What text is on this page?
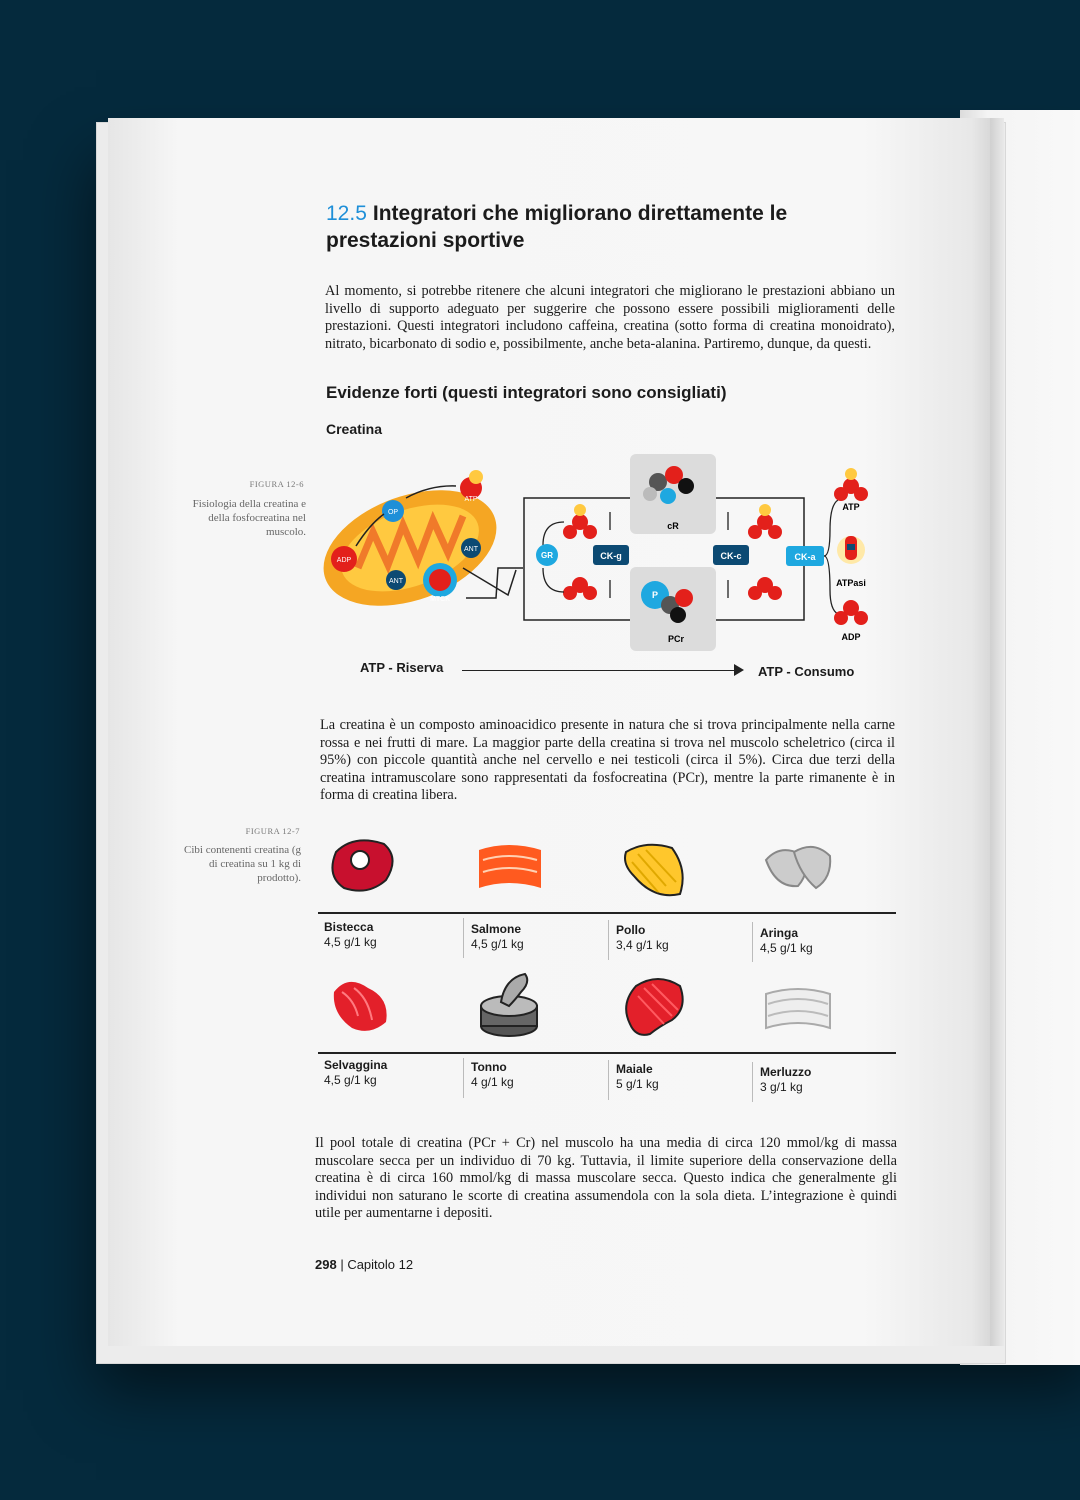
12.5 Integratori che migliorano direttamente le prestazioni sportive
Al momento, si potrebbe ritenere che alcuni integratori che migliorano le prestazioni abbiano un livello di supporto adeguato per suggerire che possono essere possibili miglioramenti delle prestazioni. Questi integratori includono caffeina, creatina (sotto forma di creatina monoidrato), nitrato, bicarbonato di sodio e, possibilmente, anche beta-alanina. Partiremo, dunque, da questi.
Evidenze forti (questi integratori sono consigliati)
Creatina
FIGURA 12-6
Fisiologia della creatina e della fosfocreatina nel muscolo.
OP
ATP
ADP
ANT
ANT
MTCK
cR
P
PCr
GR	CK-g	CK-c	CK-a
ATP
ATPasi
ADP
ATP - Riserva	ATP - Consumo
La creatina è un composto aminoacidico presente in natura che si trova principalmente nella carne rossa e nei frutti di mare. La maggior parte della creatina si trova nel muscolo scheletrico (circa il 95%) con piccole quantità anche nel cervello e nei testicoli (circa il 5%). Circa due terzi della creatina intramuscolare sono rappresentati da fosfocreatina (PCr), mentre la parte rimanente è in forma di creatina libera.
FIGURA 12-7
Cibi contenenti creatina (g di creatina su 1 kg di prodotto).
Bistecca
4,5 g/1 kg
Salmone
4,5 g/1 kg
Pollo
3,4 g/1 kg
Aringa
4,5 g/1 kg
Selvaggina
4,5 g/1 kg
Tonno
4 g/1 kg
Maiale
5 g/1 kg
Merluzzo
3 g/1 kg
Il pool totale di creatina (PCr + Cr) nel muscolo ha una media di circa 120 mmol/kg di massa muscolare secca per un individuo di 70 kg. Tuttavia, il limite superiore della conservazione della creatina è di circa 160 mmol/kg di massa muscolare secca. Questo indica che generalmente gli individui non saturano le scorte di creatina assumendola con la sola dieta. L’integrazione è quindi utile per aumentarne i depositi.
298 | Capitolo 12
